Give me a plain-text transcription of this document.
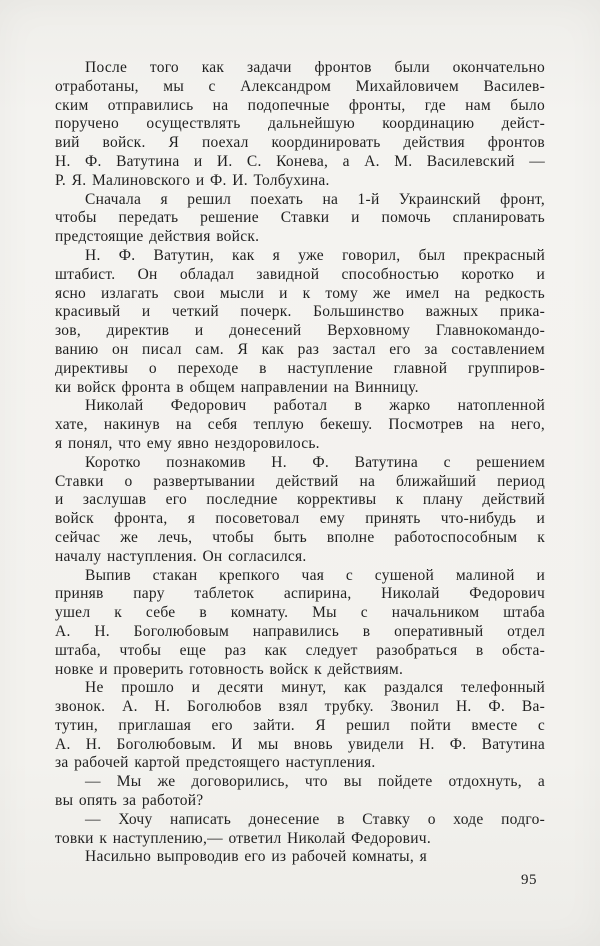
После того как задачи фронтов были окончательно
отработаны, мы с Александром Михайловичем Василев-
ским отправились на подопечные фронты, где нам было
поручено осуществлять дальнейшую координацию дейст-
вий войск. Я поехал координировать действия фронтов
Н. Ф. Ватутина и И. С. Конева, а А. М. Василевский —
Р. Я. Малиновского и Ф. И. Толбухина.
Сначала я решил поехать на 1-й Украинский фронт,
чтобы передать решение Ставки и помочь спланировать
предстоящие действия войск.
Н. Ф. Ватутин, как я уже говорил, был прекрасный
штабист. Он обладал завидной способностью коротко и
ясно излагать свои мысли и к тому же имел на редкость
красивый и четкий почерк. Большинство важных прика-
зов, директив и донесений Верховному Главнокомандо-
ванию он писал сам. Я как раз застал его за составлением
директивы о переходе в наступление главной группиров-
ки войск фронта в общем направлении на Винницу.
Николай Федорович работал в жарко натопленной
хате, накинув на себя теплую бекешу. Посмотрев на него,
я понял, что ему явно нездоровилось.
Коротко познакомив Н. Ф. Ватутина с решением
Ставки о развертывании действий на ближайший период
и заслушав его последние коррективы к плану действий
войск фронта, я посоветовал ему принять что-нибудь и
сейчас же лечь, чтобы быть вполне работоспособным к
началу наступления. Он согласился.
Выпив стакан крепкого чая с сушеной малиной и
приняв пару таблеток аспирина, Николай Федорович
ушел к себе в комнату. Мы с начальником штаба
А. Н. Боголюбовым направились в оперативный отдел
штаба, чтобы еще раз как следует разобраться в обста-
новке и проверить готовность войск к действиям.
Не прошло и десяти минут, как раздался телефонный
звонок. А. Н. Боголюбов взял трубку. Звонил Н. Ф. Ва-
тутин, приглашая его зайти. Я решил пойти вместе с
А. Н. Боголюбовым. И мы вновь увидели Н. Ф. Ватутина
за рабочей картой предстоящего наступления.
— Мы же договорились, что вы пойдете отдохнуть, а
вы опять за работой?
— Хочу написать донесение в Ставку о ходе подго-
товки к наступлению,— ответил Николай Федорович.
Насильно выпроводив его из рабочей комнаты, я
95
